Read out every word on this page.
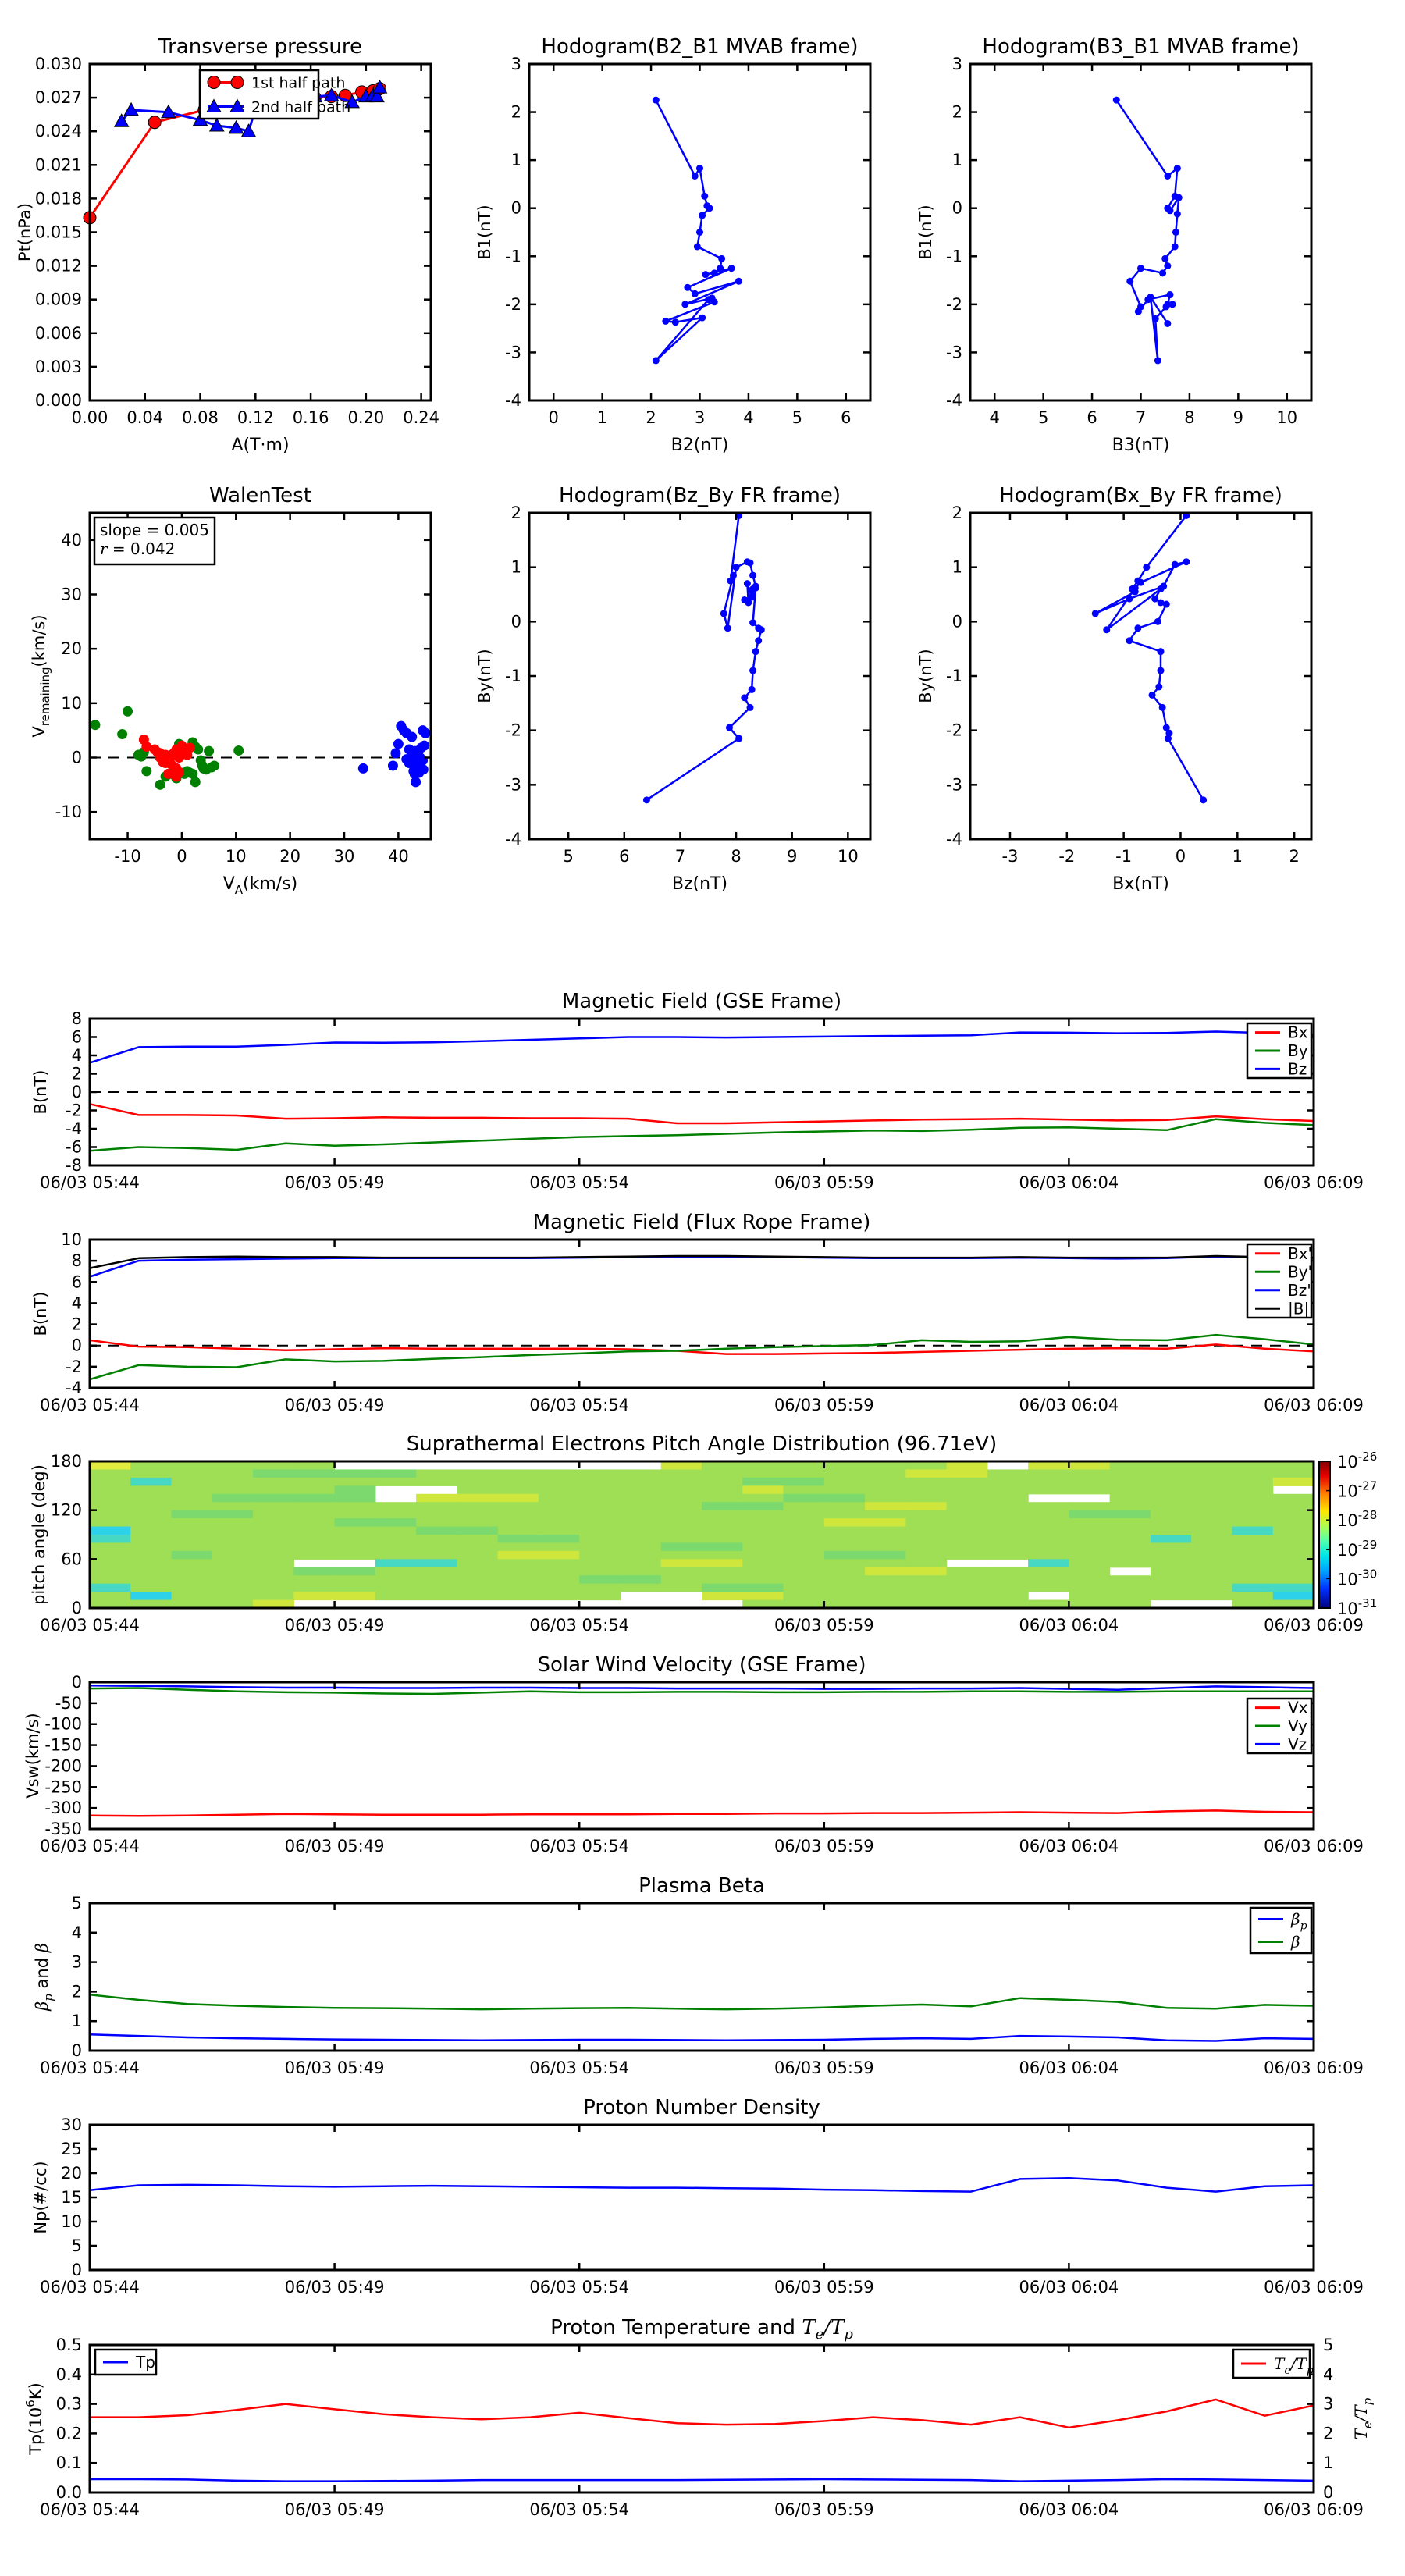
0.00 0.04 0.08 0.12 0.16 0.20 0.24
0.000
0.003
0.006
0.009
0.012
0.015
0.018
0.021
0.024
0.027
0.030
Transverse pressure
A(T·m)
Pt(nPa)
1st half path
2nd half path
0 1 2 3 4 5 6
-4
-3
-2
-1
0
1
2
3
Hodogram(B2_B1 MVAB frame)
B2(nT)
B1(nT)
4 5 6 7 8 9 10
-4
-3
-2
-1
0
1
2
3
Hodogram(B3_B1 MVAB frame)
B3(nT)
B1(nT)
-10 0 10 20 30 40
-10
0
10
20
30
40
WalenTest
$V_A(km/s)$
$V_{remaining}(km/s)$
slope = 0.005
r = 0.042
5	6	7	8	9 10
-4
-3
-2
-1
0
1
2
Hodogram(Bz_By FR frame)
Bz(nT)
By(nT)
-3 -2 -1	0	1	2
-4
-3
-2
-1
0
1
2
Hodogram(Bx_By FR frame)
Bx(nT)
By(nT)
06/03 05:44	06/03 05:49	06/03 05:54	06/03 05:59	06/03 06:04	06/03 06:09
-8
-6
-4
-2
0
2
4
6
8
Magnetic Field (GSE Frame)
B(nT)
Bx
By
Bz
06/03 05:44	06/03 05:49	06/03 05:54	06/03 05:59	06/03 06:04	06/03 06:09
-4
-2
0
2
4
6
8
10
Magnetic Field (Flux Rope Frame)
B(nT)
Bx'
By'
Bz'
|B|
06/03 05:44	06/03 05:49	06/03 05:54	06/03 05:59	06/03 06:04	06/03 06:09
0
60
120
180
Suprathermal Electrons Pitch Angle Distribution (96.71eV)
pitch angle (deg)
$10^{-26}$
$10^{-27}$
$10^{-28}$
$10^{-29}$
$10^{-30}$
$10^{-31}$
06/03 05:44	06/03 05:49	06/03 05:54	06/03 05:59	06/03 06:04	06/03 06:09
-350
-300
-250
-200
-150
-100
-50
0
Solar Wind Velocity (GSE Frame)
Vsw(km/s)
Vx
Vy
Vz
06/03 05:44	06/03 05:49	06/03 05:54	06/03 05:59	06/03 06:04	06/03 06:09
0
1
2
3
4
5
Plasma Beta
$\beta_p$ and β
$\beta_p$
β
06/03 05:44	06/03 05:49	06/03 05:54	06/03 05:59	06/03 06:04	06/03 06:09
0
5
10
15
20
25
30
Proton Number Density
Np(#/cc)
06/03 05:44	06/03 05:49	06/03 05:54	06/03 05:59	06/03 06:04	06/03 06:09
0.0
0.1
0.2
0.3
0.4
0.5
0
1
2
3
4
5
$T_e/T_p$
Proton Temperature and $T_e/T_p$
$Tp(10^6K)$
Tp	$T_e/T_p$
